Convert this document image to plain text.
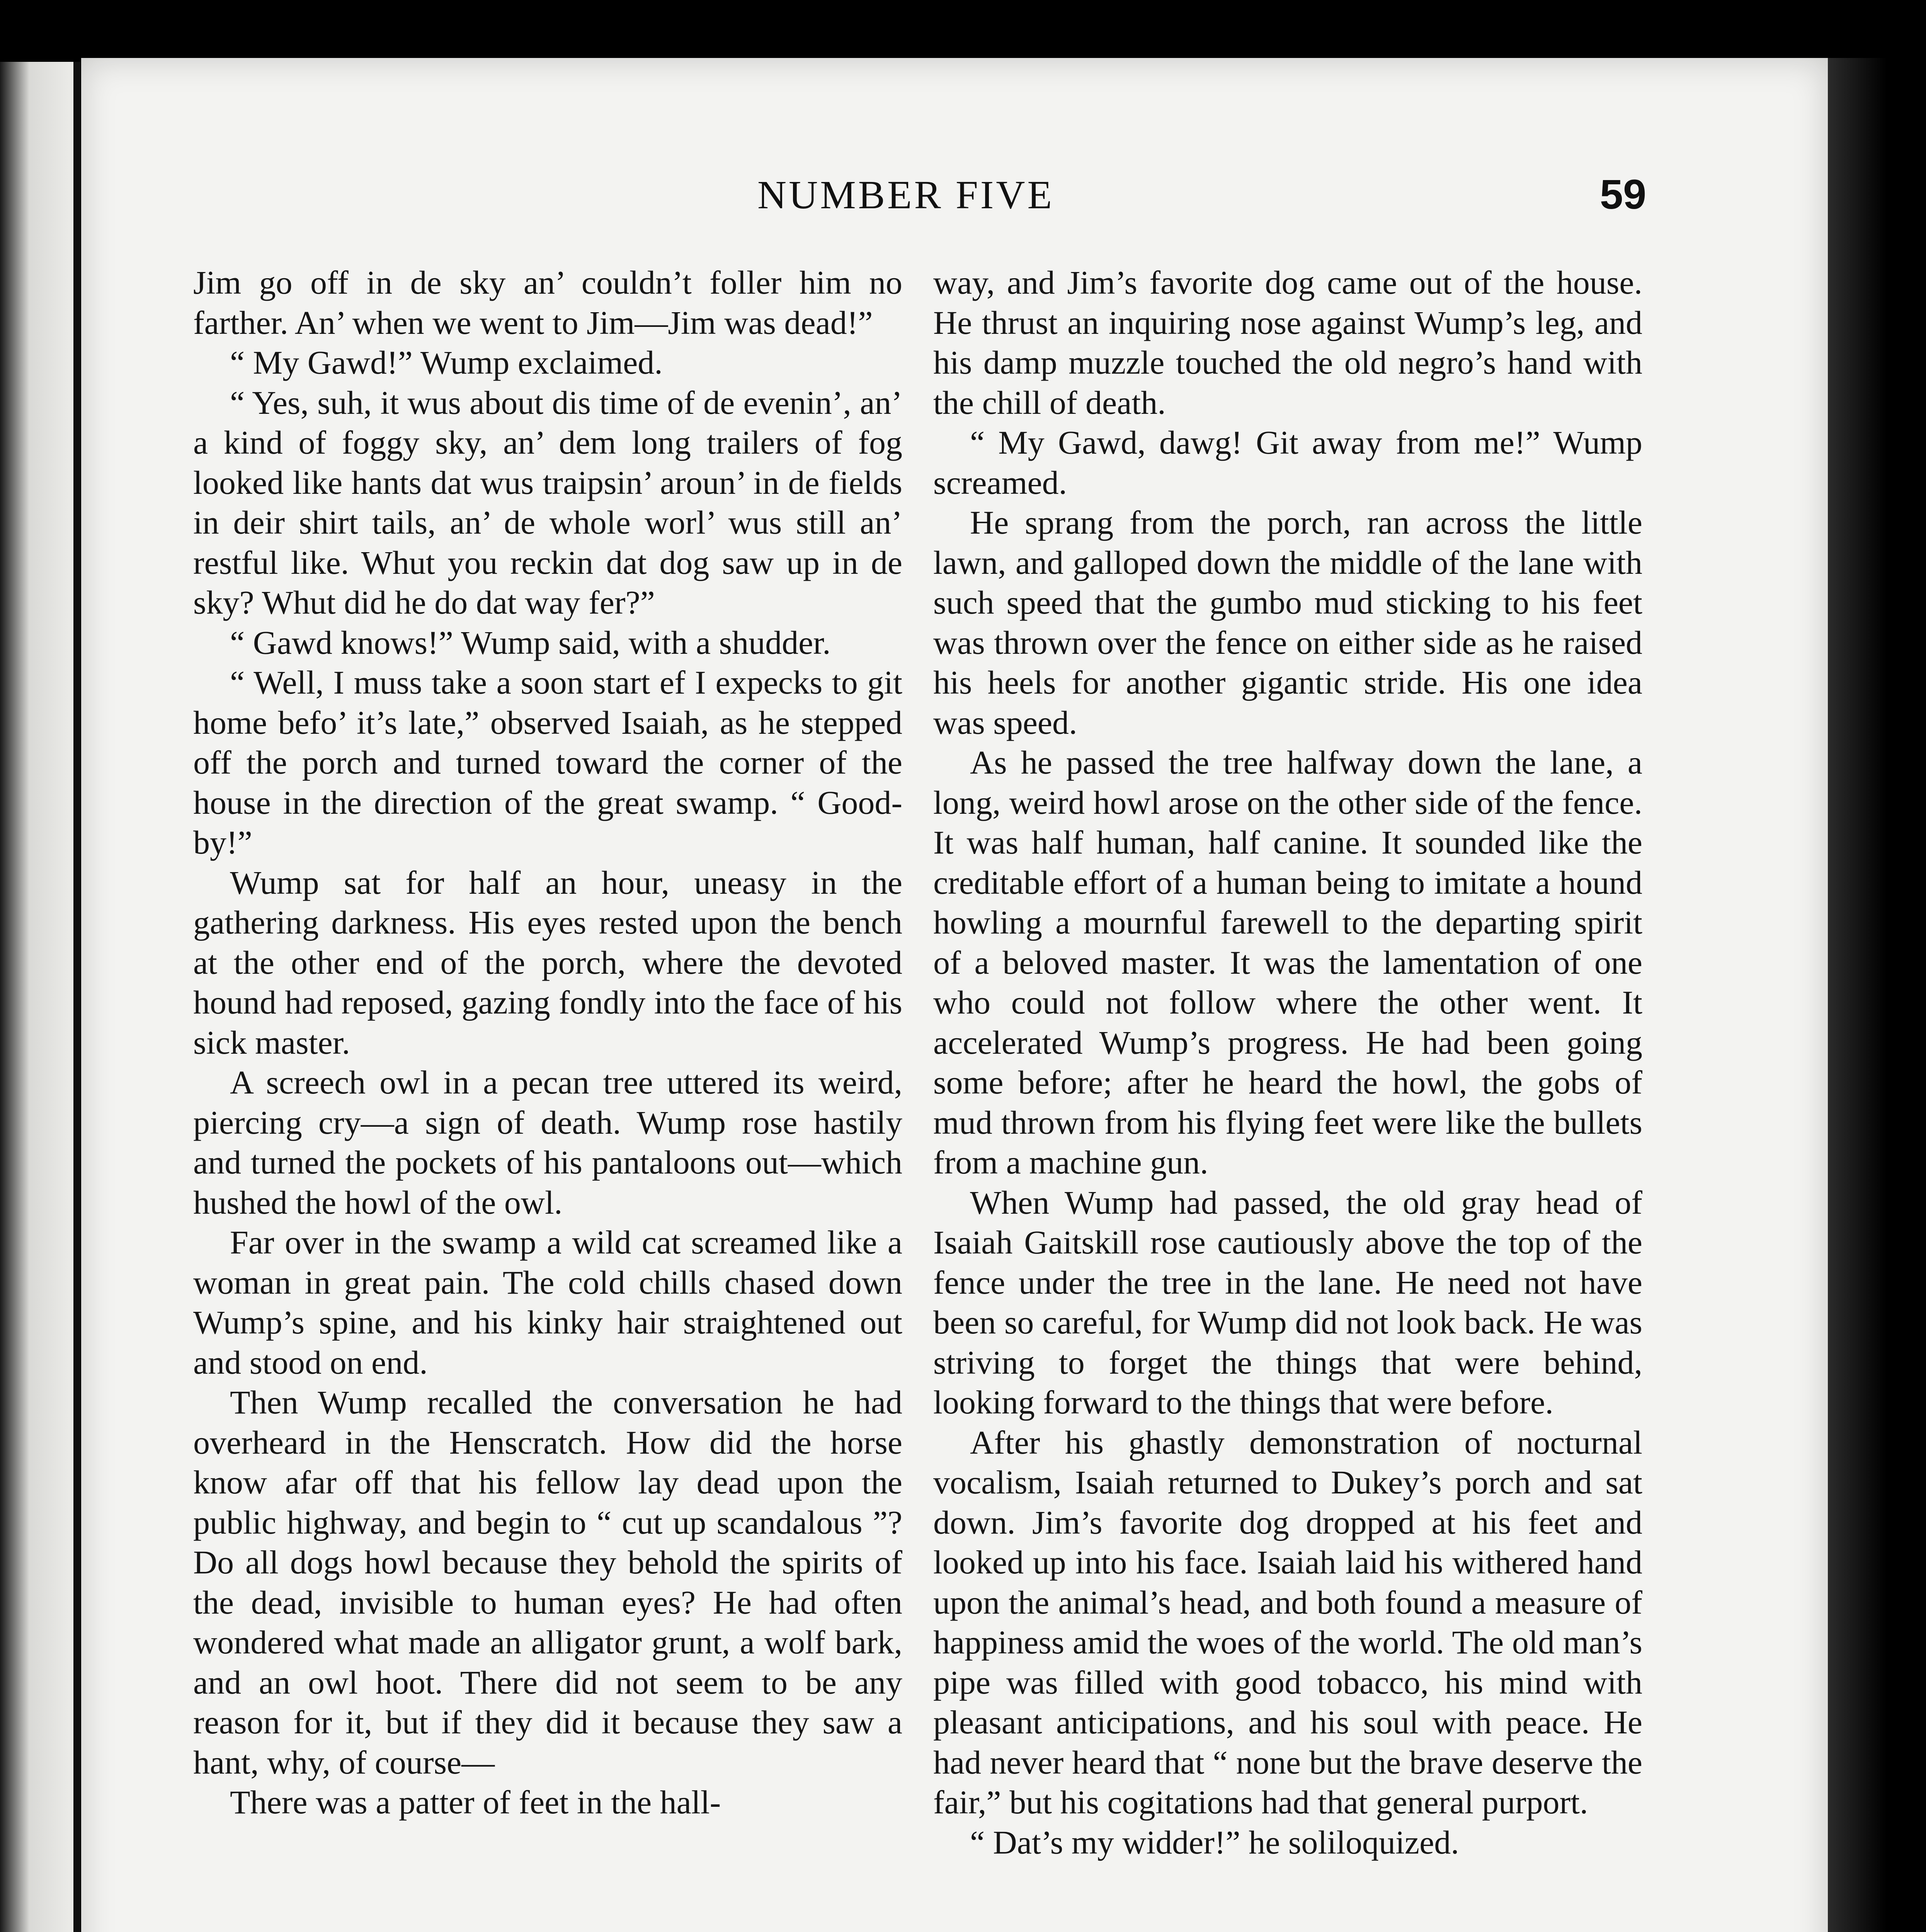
NUMBER FIVE	59

Jim go off in de sky an’ couldn’t foller him no farther. An’ when we went to Jim—Jim was dead!”

“ My Gawd!” Wump exclaimed.

“ Yes, suh, it wus about dis time of de evenin’, an’ a kind of foggy sky, an’ dem long trailers of fog looked like hants dat wus traipsin’ aroun’ in de fields in deir shirt tails, an’ de whole worl’ wus still an’ restful like. Whut you reckin dat dog saw up in de sky? Whut did he do dat way fer?”

“ Gawd knows!” Wump said, with a shudder.

“ Well, I muss take a soon start ef I expecks to git home befo’ it’s late,” observed Isaiah, as he stepped off the porch and turned toward the corner of the house in the direction of the great swamp. “ Good-by!”

Wump sat for half an hour, uneasy in the gathering darkness. His eyes rested upon the bench at the other end of the porch, where the devoted hound had reposed, gazing fondly into the face of his sick master.

A screech owl in a pecan tree uttered its weird, piercing cry—a sign of death. Wump rose hastily and turned the pockets of his pantaloons out—which hushed the howl of the owl.

Far over in the swamp a wild cat screamed like a woman in great pain. The cold chills chased down Wump’s spine, and his kinky hair straightened out and stood on end.

Then Wump recalled the conversation he had overheard in the Henscratch. How did the horse know afar off that his fellow lay dead upon the public highway, and begin to “ cut up scandalous ”? Do all dogs howl because they behold the spirits of the dead, invisible to human eyes? He had often wondered what made an alligator grunt, a wolf bark, and an owl hoot. There did not seem to be any reason for it, but if they did it because they saw a hant, why, of course—

There was a patter of feet in the hall-

way, and Jim’s favorite dog came out of the house. He thrust an inquiring nose against Wump’s leg, and his damp muzzle touched the old negro’s hand with the chill of death.

“ My Gawd, dawg! Git away from me!” Wump screamed.

He sprang from the porch, ran across the little lawn, and galloped down the middle of the lane with such speed that the gumbo mud sticking to his feet was thrown over the fence on either side as he raised his heels for another gigantic stride. His one idea was speed.

As he passed the tree halfway down the lane, a long, weird howl arose on the other side of the fence. It was half human, half canine. It sounded like the creditable effort of a human being to imitate a hound howling a mournful farewell to the departing spirit of a beloved master. It was the lamentation of one who could not follow where the other went. It accelerated Wump’s progress. He had been going some before; after he heard the howl, the gobs of mud thrown from his flying feet were like the bullets from a machine gun.

When Wump had passed, the old gray head of Isaiah Gaitskill rose cautiously above the top of the fence under the tree in the lane. He need not have been so careful, for Wump did not look back. He was striving to forget the things that were behind, looking forward to the things that were before.

After his ghastly demonstration of nocturnal vocalism, Isaiah returned to Dukey’s porch and sat down. Jim’s favorite dog dropped at his feet and looked up into his face. Isaiah laid his withered hand upon the animal’s head, and both found a measure of happiness amid the woes of the world. The old man’s pipe was filled with good tobacco, his mind with pleasant anticipations, and his soul with peace. He had never heard that “ none but the brave deserve the fair,” but his cogitations had that general purport.

“ Dat’s my widder!” he soliloquized.
